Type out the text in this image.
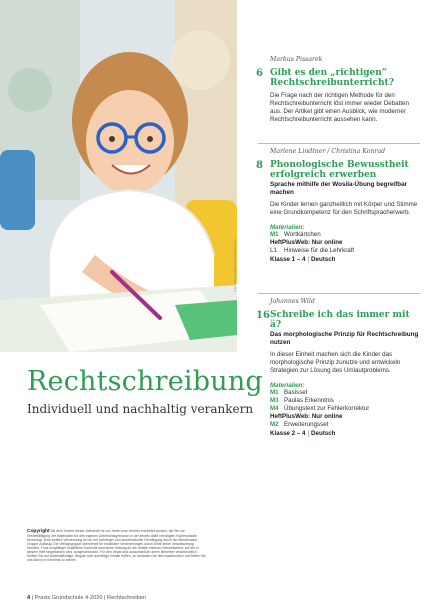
Foto: iStock/kali9/ein/mirandacarbonaro
Rechtschreibung
Individuell und nachhaltig verankern
Markus Pissarek
6 Gibt es den „richtigen“ Rechtschreibunterricht?
Die Frage nach der richtigen Methode für den Rechtschreibunterricht löst immer wieder Debatten aus. Der Artikel gibt einen Ausblick, wie moderner Rechtschreibunterricht aussehen kann.
Marlene Lindtner / Christina Konrad
8 Phonologische Bewusstheit erfolgreich erwerben
Sprache mithilfe der Wosila-Übung begreifbar machen
Die Kinder lernen ganzheitlich mit Körper und Stimme eine Grundkompetenz für den Schriftspracherwerb.
Materialien:
M1 Wortkärtchen
HeftPlusWeb: Nur online
L1	Hinweise für die Lehrkraft
Klasse 1 – 4 | Deutsch
Johannes Wild
16 Schreibe ich das immer mit ä?
Das morphologische Prinzip für Rechtschreibung nutzen
In dieser Einheit machen sich die Kinder das morphologische Prinzip zunutze und entwickeln Strategien zur Lösung des Umlautproblems.
Materialien:
M1 Basisset
M3 Paulas Erkenntnis
M4 Übungstext zur Fehlerkorrektur
HeftPlusWeb: Nur online
M2 Erweiterungsset
Klasse 2 – 4 | Deutsch
Copyright Mit dem Erwerb dieser Zeitschrift ist von Ihnen eine Gebühr entrichtet worden, die Sie zur Vervielfältigung der Materialien für den eigenen Unterrichtsgebrauch in der jeweils dafür benötigten Kopienanzahl berechtigt. Eine weitere Verwendung ist nur mit vorheriger und ausdrücklicher Einwilligung durch die Westermann Gruppe zulässig. Die Verlagsgruppe übernimmt für inhaltliche Veränderungen durch Dritte keine Verantwortung. Hinweis: Trotz sorgfältiger inhaltlicher Kontrolle wird keine Haftung für die Inhalte externer Internetseiten, auf die in diesem Heft hingewiesen wird, ausgeschlossen. Für den Inhalt sind ausschließlich deren Betreiber verantwortlich. Sollten Sie auf kostenpflichtige, illegale oder anstößige Inhalte treffen, so bedauern wir dies ausdrücklich und bitten Sie, uns davon in Kenntnis zu setzen.
4 | Praxis Grundschule 4-2020 | Rechtschreiben
